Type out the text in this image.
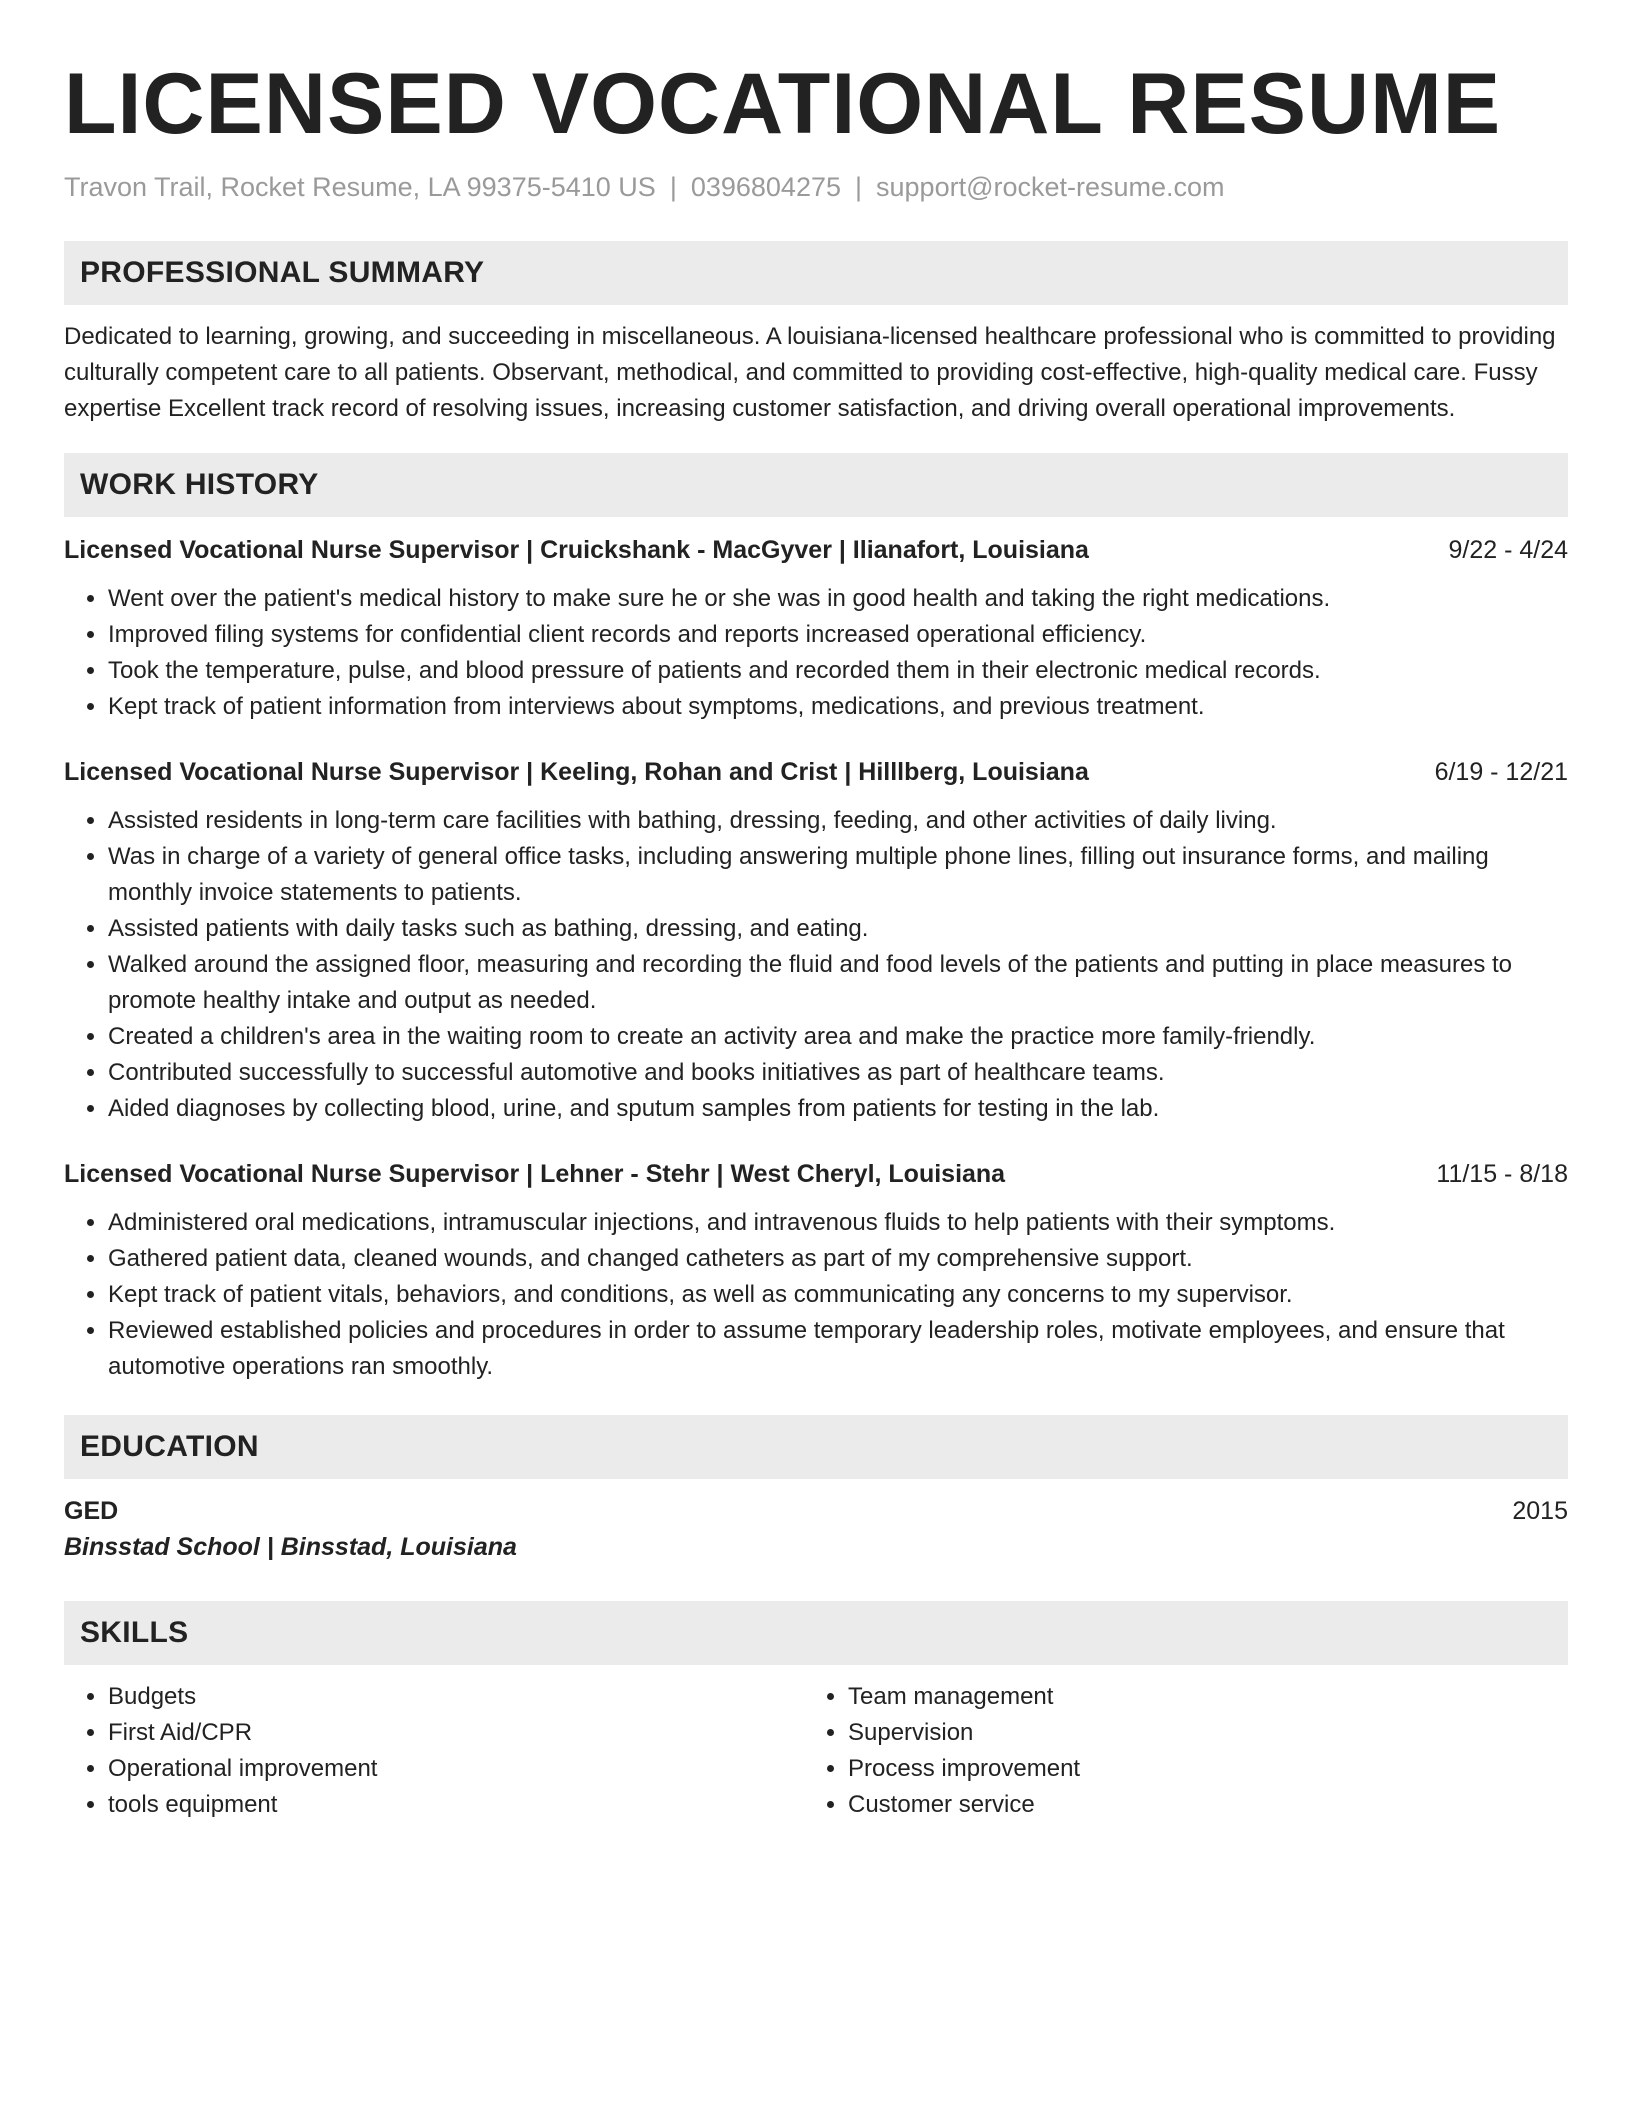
LICENSED VOCATIONAL RESUME
Travon Trail, Rocket Resume, LA 99375-5410 US | 0396804275 | support@rocket-resume.com
PROFESSIONAL SUMMARY

Dedicated to learning, growing, and succeeding in miscellaneous. A louisiana-licensed healthcare professional who is committed to providing culturally competent care to all patients. Observant, methodical, and committed to providing cost-effective, high-quality medical care. Fussy expertise Excellent track record of resolving issues, increasing customer satisfaction, and driving overall operational improvements.

WORK HISTORY
Licensed Vocational Nurse Supervisor | Cruickshank - MacGyver | Ilianafort, Louisiana	9/22 - 4/24
• Went over the patient's medical history to make sure he or she was in good health and taking the right medications.
• Improved filing systems for confidential client records and reports increased operational efficiency.
• Took the temperature, pulse, and blood pressure of patients and recorded them in their electronic medical records.
• Kept track of patient information from interviews about symptoms, medications, and previous treatment.
Licensed Vocational Nurse Supervisor | Keeling, Rohan and Crist | Hilllberg, Louisiana	6/19 - 12/21
• Assisted residents in long-term care facilities with bathing, dressing, feeding, and other activities of daily living.
• Was in charge of a variety of general office tasks, including answering multiple phone lines, filling out insurance forms, and mailing monthly invoice statements to patients.
• Assisted patients with daily tasks such as bathing, dressing, and eating.
• Walked around the assigned floor, measuring and recording the fluid and food levels of the patients and putting in place measures to promote healthy intake and output as needed.
• Created a children's area in the waiting room to create an activity area and make the practice more family-friendly.
• Contributed successfully to successful automotive and books initiatives as part of healthcare teams.
• Aided diagnoses by collecting blood, urine, and sputum samples from patients for testing in the lab.
Licensed Vocational Nurse Supervisor | Lehner - Stehr | West Cheryl, Louisiana	11/15 - 8/18
• Administered oral medications, intramuscular injections, and intravenous fluids to help patients with their symptoms.
• Gathered patient data, cleaned wounds, and changed catheters as part of my comprehensive support.
• Kept track of patient vitals, behaviors, and conditions, as well as communicating any concerns to my supervisor.
• Reviewed established policies and procedures in order to assume temporary leadership roles, motivate employees, and ensure that automotive operations ran smoothly.
EDUCATION
GED	2015
Binsstad School | Binsstad, Louisiana
SKILLS
• Budgets
• First Aid/CPR
• Operational improvement
• tools equipment
• Team management
• Supervision
• Process improvement
• Customer service
